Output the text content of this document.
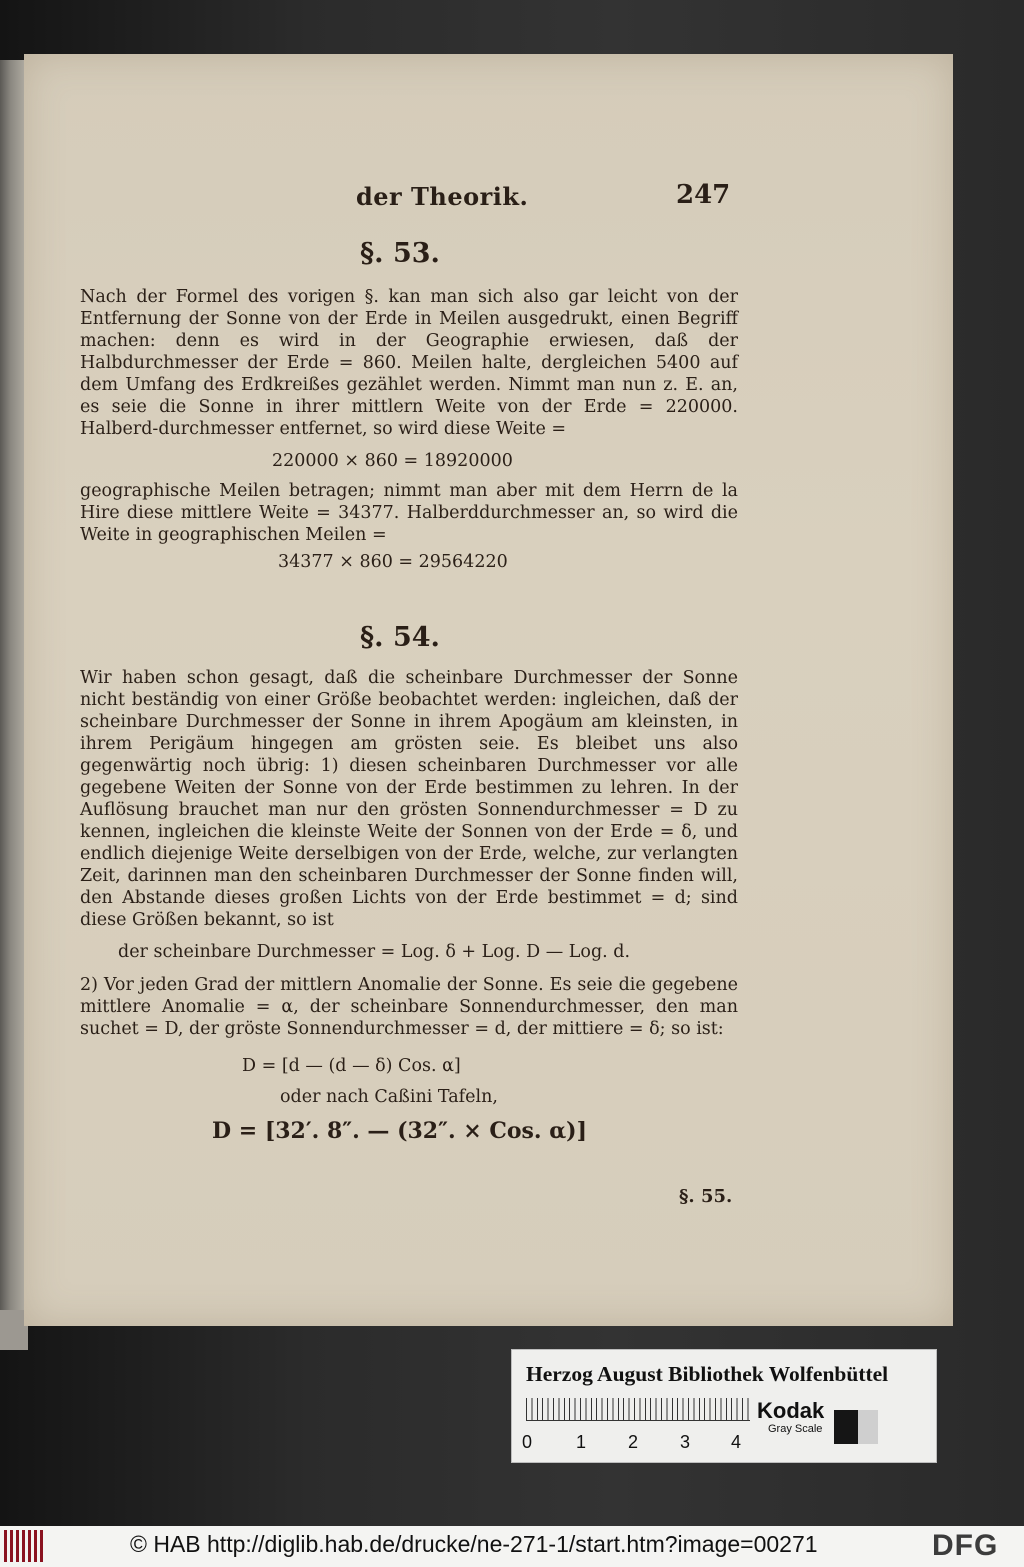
der Theorik.	247
§. 53.
Nach der Formel des vorigen §. kan man sich also gar leicht von der Entfernung der Sonne von der Erde in Meilen ausgedrukt, einen Begriff machen: denn es wird in der Geographie erwiesen, daß der Halbdurchmesser der Erde = 860. Meilen halte, dergleichen 5400 auf dem Umfang des Erdkreißes gezählet werden. Nimmt man nun z. E. an, es seie die Sonne in ihrer mittlern Weite von der Erde = 220000. Halberd-durchmesser entfernet, so wird diese Weite =
220000 × 860 = 18920000
geographische Meilen betragen; nimmt man aber mit dem Herrn de la Hire diese mittlere Weite = 34377. Halberddurchmesser an, so wird die Weite in geographischen Meilen =
34377 × 860 = 29564220
§. 54.
Wir haben schon gesagt, daß die scheinbare Durchmesser der Sonne nicht beständig von einer Größe beobachtet werden: ingleichen, daß der scheinbare Durchmesser der Sonne in ihrem Apogäum am kleinsten, in ihrem Perigäum hingegen am grösten seie. Es bleibet uns also gegenwärtig noch übrig: 1) diesen scheinbaren Durchmesser vor alle gegebene Weiten der Sonne von der Erde bestimmen zu lehren. In der Auflösung brauchet man nur den grösten Sonnendurchmesser = D zu kennen, ingleichen die kleinste Weite der Sonnen von der Erde = δ, und endlich diejenige Weite derselbigen von der Erde, welche, zur verlangten Zeit, darinnen man den scheinbaren Durchmesser der Sonne finden will, den Abstande dieses großen Lichts von der Erde bestimmet = d; sind diese Größen bekannt, so ist
der scheinbare Durchmesser = Log. δ + Log. D — Log. d.
2) Vor jeden Grad der mittlern Anomalie der Sonne. Es seie die gegebene mittlere Anomalie = α, der scheinbare Sonnendurchmesser, den man suchet = D, der gröste Sonnendurchmesser = d, der mittiere = δ; so ist:
D = [d — (d — δ) Cos. α]
oder nach Caßini Tafeln,
D = [32′. 8″. — (32″. × Cos. α)]
§. 55.
Herzog August Bibliothek Wolfenbüttel
0 1 2 3 4
Kodak
Gray Scale
© HAB http://diglib.hab.de/drucke/ne-271-1/start.htm?image=00271	DFG
